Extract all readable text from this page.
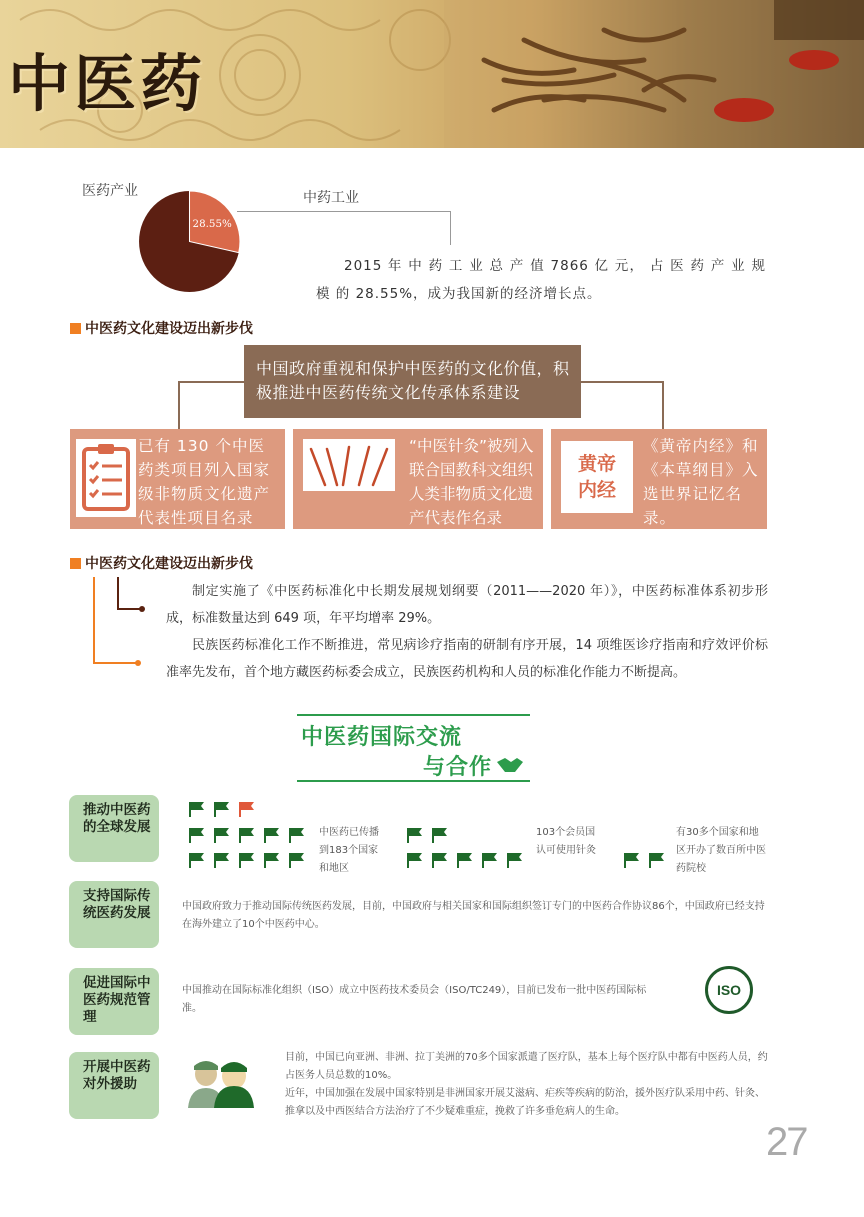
中医药
医药产业
28.55%
中药工业
2015 年 中 药 工 业 总 产 值 7866 亿 元， 占 医 药 产 业 规 模 的 28.55%，成为我国新的经济增长点。
中医药文化建设迈出新步伐
中国政府重视和保护中医药的文化价值，积极推进中医药传统文化传承体系建设
已有 130 个中医药类项目列入国家级非物质文化遗产代表性项目名录
“中医针灸”被列入联合国教科文组织人类非物质文化遗产代表作名录
黄帝内经
《黄帝内经》和《本草纲目》入选世界记忆名录。
中医药文化建设迈出新步伐

制定实施了《中医药标准化中长期发展规划纲要（2011——2020 年）》，中医药标准体系初步形成，标准数量达到 649 项，年平均增率 29%。

民族医药标准化工作不断推进，常见病诊疗指南的研制有序开展，14 项维医诊疗指南和疗效评价标准率先发布，首个地方藏医药标委会成立，民族医药机构和人员的标准化作能力不断提高。

中医药国际交流
与合作
推动中医药的全球发展	中医药已传播到183个国家和地区
103个会员国认可使用针灸
有30多个国家和地区开办了数百所中医药院校
支持国际传统医药发展	中国政府致力于推动国际传统医药发展，目前，中国政府与相关国家和国际组织签订专门的中医药合作协议86个，中国政府已经支持在海外建立了10个中医药中心。
促进国际中医药规范管理
中国推动在国际标准化组织（ISO）成立中医药技术委员会（ISO/TC249），目前已发布一批中医药国际标准。
ISO
开展中医药对外援助
目前，中国已向亚洲、非洲、拉丁美洲的70多个国家派遣了医疗队，基本上每个医疗队中都有中医药人员，约占医务人员总数的10%。
近年，中国加强在发展中国家特别是非洲国家开展艾滋病、疟疾等疾病的防治，援外医疗队采用中药、针灸、推拿以及中西医结合方法治疗了不少疑难重症，挽救了许多垂危病人的生命。
27
